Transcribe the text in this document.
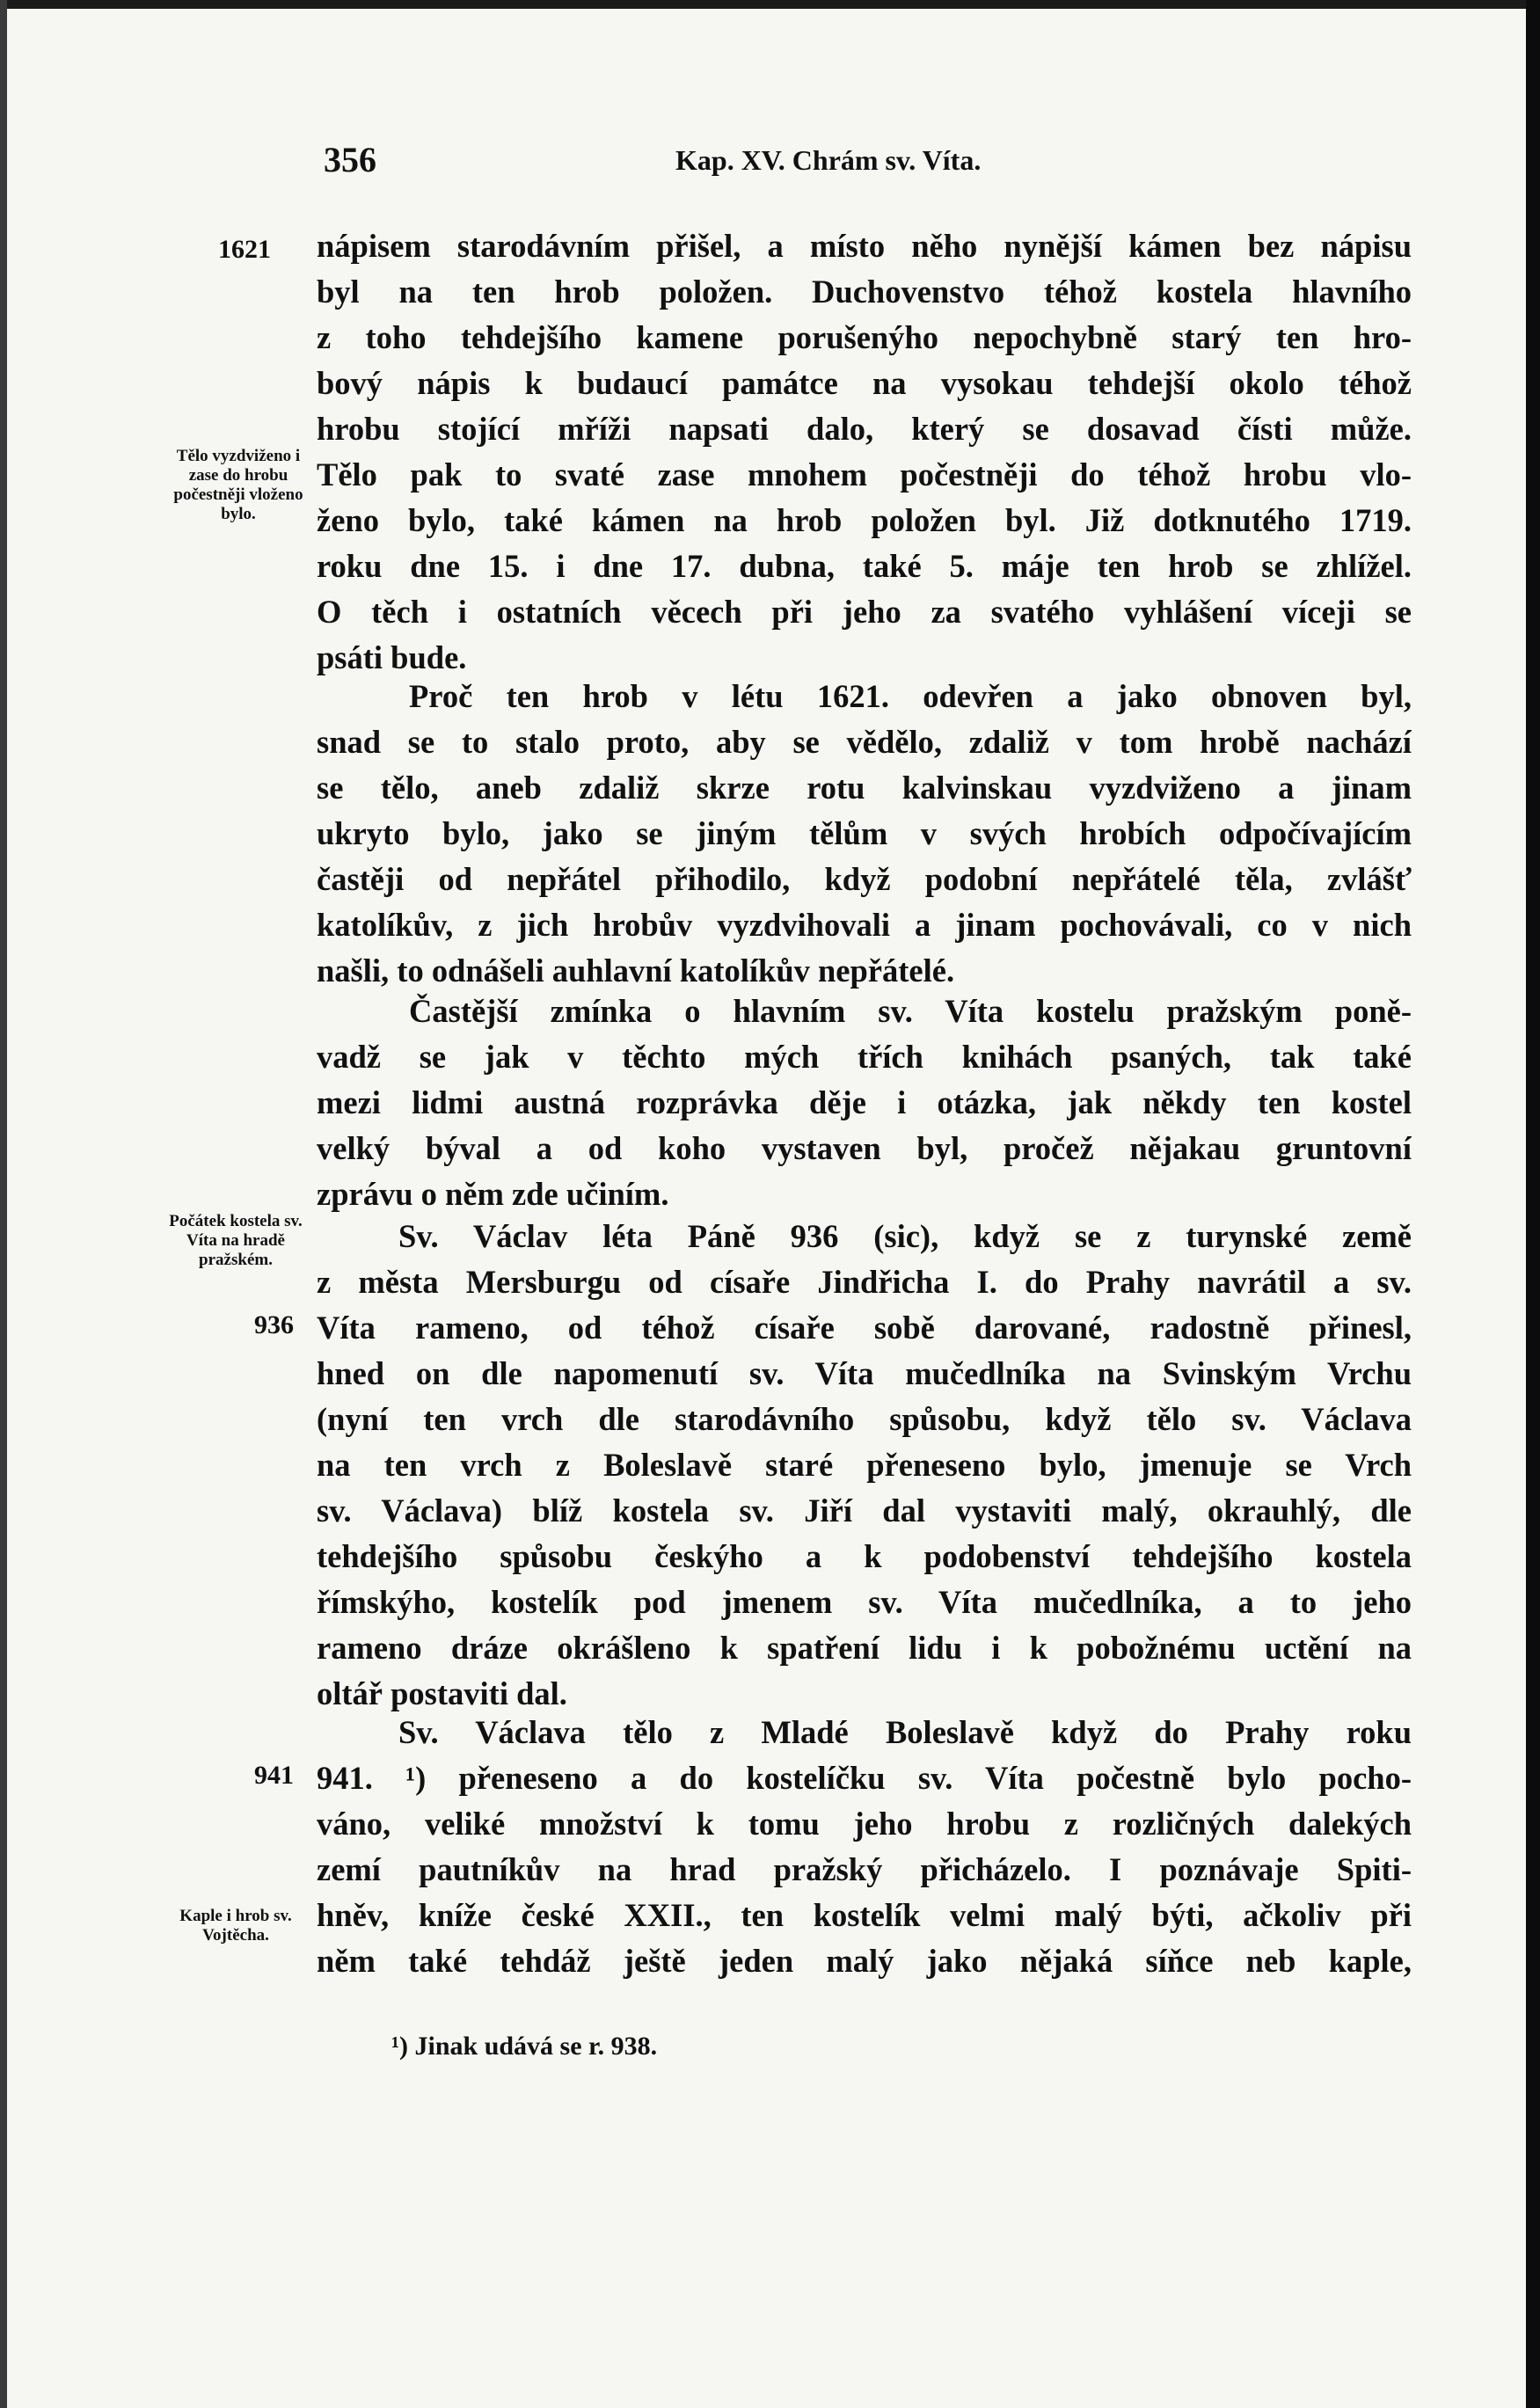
356	Kap. XV. Chrám sv. Víta.
1621
936
941
Tělo vyzdviženo i zase do hrobu počestněji vloženo bylo.
Počátek kostela sv. Víta na hradě pražském.
Kaple i hrob sv. Vojtěcha.
nápisem starodávním přišel, a místo něho nynější kámen bez nápisu
byl na ten hrob položen. Duchovenstvo téhož kostela hlavního
z toho tehdejšího kamene porušenýho nepochybně starý ten hro-
bový nápis k budaucí památce na vysokau tehdejší okolo téhož
hrobu stojící mříži napsati dalo, který se dosavad čísti může.
Tělo pak to svaté zase mnohem počestněji do téhož hrobu vlo-
ženo bylo, také kámen na hrob položen byl. Již dotknutého 1719.
roku dne 15. i dne 17. dubna, také 5. máje ten hrob se zhlížel.
O těch i ostatních věcech při jeho za svatého vyhlášení víceji se
psáti bude.
Proč ten hrob v létu 1621. odevřen a jako obnoven byl,
snad se to stalo proto, aby se vědělo, zdaliž v tom hrobě nachází
se tělo, aneb zdaliž skrze rotu kalvinskau vyzdviženo a jinam
ukryto bylo, jako se jiným tělům v svých hrobích odpočívajícím
častěji od nepřátel přihodilo, když podobní nepřátelé těla, zvlášť
katolíkův, z jich hrobův vyzdvihovali a jinam pochovávali, co v nich
našli, to odnášeli auhlavní katolíkův nepřátelé.
Častější zmínka o hlavním sv. Víta kostelu pražským poně-
vadž se jak v těchto mých třích knihách psaných, tak také
mezi lidmi austná rozprávka děje i otázka, jak někdy ten kostel
velký býval a od koho vystaven byl, pročež nějakau gruntovní
zprávu o něm zde učiním.
Sv. Václav léta Páně 936 (sic), když se z turynské země
z města Mersburgu od císaře Jindřicha I. do Prahy navrátil a sv.
Víta rameno, od téhož císaře sobě darované, radostně přinesl,
hned on dle napomenutí sv. Víta mučedlníka na Svinským Vrchu
(nyní ten vrch dle starodávního spůsobu, když tělo sv. Václava
na ten vrch z Boleslavě staré přeneseno bylo, jmenuje se Vrch
sv. Václava) blíž kostela sv. Jiří dal vystaviti malý, okrauhlý, dle
tehdejšího spůsobu českýho a k podobenství tehdejšího kostela
římskýho, kostelík pod jmenem sv. Víta mučedlníka, a to jeho
rameno dráze okrášleno k spatření lidu i k pobožnému uctění na
oltář postaviti dal.
Sv. Václava tělo z Mladé Boleslavě když do Prahy roku
941. ¹) přeneseno a do kostelíčku sv. Víta počestně bylo pocho-
váno, veliké množství k tomu jeho hrobu z rozličných dalekých
zemí pautníkův na hrad pražský přicházelo. I poznávaje Spiti-
hněv, kníže české XXII., ten kostelík velmi malý býti, ačkoliv při
něm také tehdáž ještě jeden malý jako nějaká síňce neb kaple,
¹) Jinak udává se r. 938.
